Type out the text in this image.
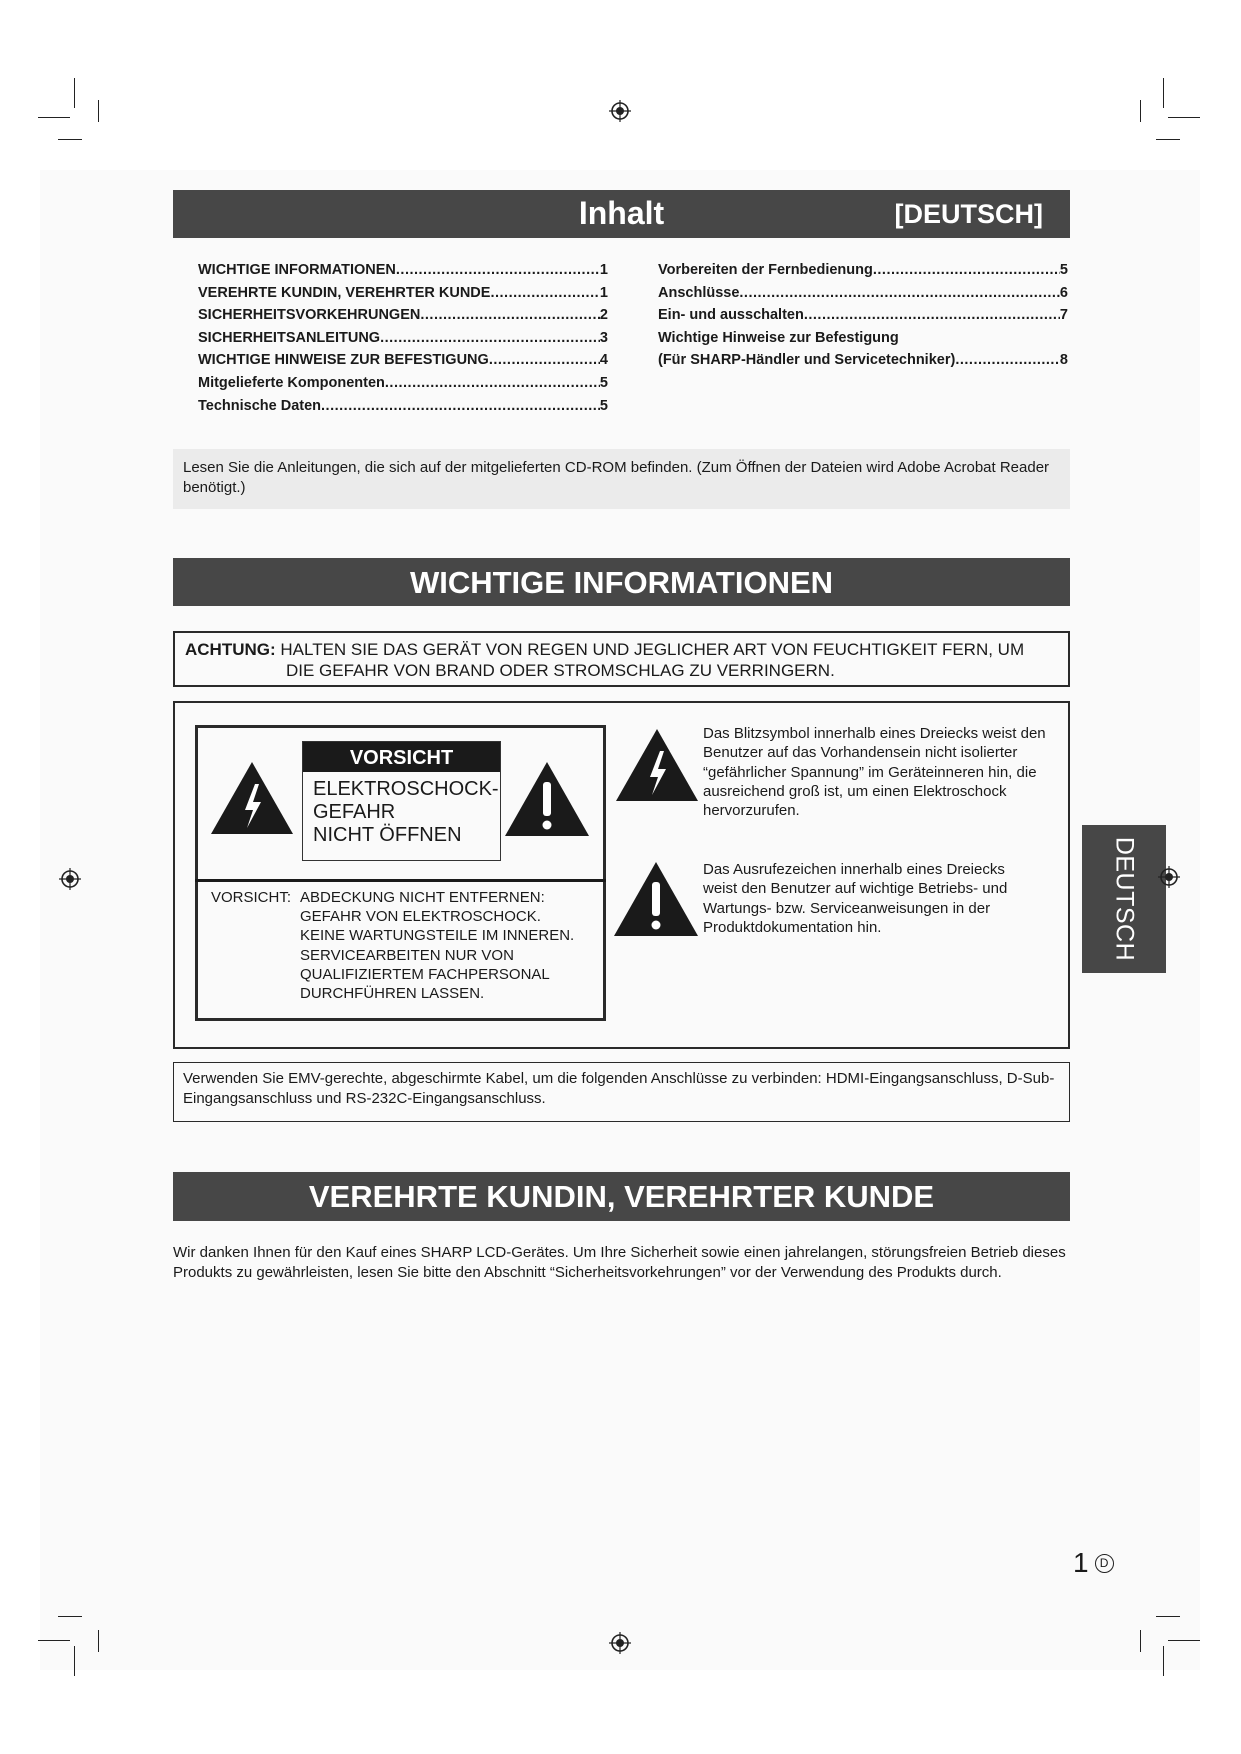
Inhalt	[DEUTSCH]
WICHTIGE INFORMATIONEN .....	1
VEREHRTE KUNDIN, VEREHRTER KUNDE .....	1
SICHERHEITSVORKEHRUNGEN .....	2
SICHERHEITSANLEITUNG .....	3
WICHTIGE HINWEISE ZUR BEFESTIGUNG .....	4
Mitgelieferte Komponenten .....	5
Technische Daten .....	5
Vorbereiten der Fernbedienung .....	5
Anschlüsse .....	6
Ein- und ausschalten .....	7
Wichtige Hinweise zur Befestigung
(Für SHARP-Händler und Servicetechniker) .....	8
Lesen Sie die Anleitungen, die sich auf der mitgelieferten CD-ROM befinden. (Zum Öffnen der Dateien wird Adobe Acrobat Reader benötigt.)
WICHTIGE INFORMATIONEN
ACHTUNG: HALTEN SIE DAS GERÄT VON REGEN UND JEGLICHER ART VON FEUCHTIGKEIT FERN, UM
DIE GEFAHR VON BRAND ODER STROMSCHLAG ZU VERRINGERN.
VORSICHT
ELEKTROSCHOCK-
GEFAHR
NICHT ÖFFNEN
VORSICHT: ABDECKUNG NICHT ENTFERNEN:
GEFAHR VON ELEKTROSCHOCK.
KEINE WARTUNGSTEILE IM INNEREN.
SERVICEARBEITEN NUR VON
QUALIFIZIERTEM FACHPERSONAL
DURCHFÜHREN LASSEN.
Das Blitzsymbol innerhalb eines Dreiecks weist den Benutzer auf das Vorhandensein nicht isolierter “gefährlicher Spannung” im Geräteinneren hin, die ausreichend groß ist, um einen Elektroschock hervorzurufen.
Das Ausrufezeichen innerhalb eines Dreiecks weist den Benutzer auf wichtige Betriebs- und Wartungs- bzw. Serviceanweisungen in der Produktdokumentation hin.
Verwenden Sie EMV-gerechte, abgeschirmte Kabel, um die folgenden Anschlüsse zu verbinden: HDMI-Eingangsanschluss, D-Sub-Eingangsanschluss und RS-232C-Eingangsanschluss.
VEREHRTE KUNDIN, VEREHRTER KUNDE
Wir danken Ihnen für den Kauf eines SHARP LCD-Gerätes. Um Ihre Sicherheit sowie einen jahrelangen, störungsfreien Betrieb dieses Produkts zu gewährleisten, lesen Sie bitte den Abschnitt “Sicherheitsvorkehrungen” vor der Verwendung des Produkts durch.
DEUTSCH
1 D
